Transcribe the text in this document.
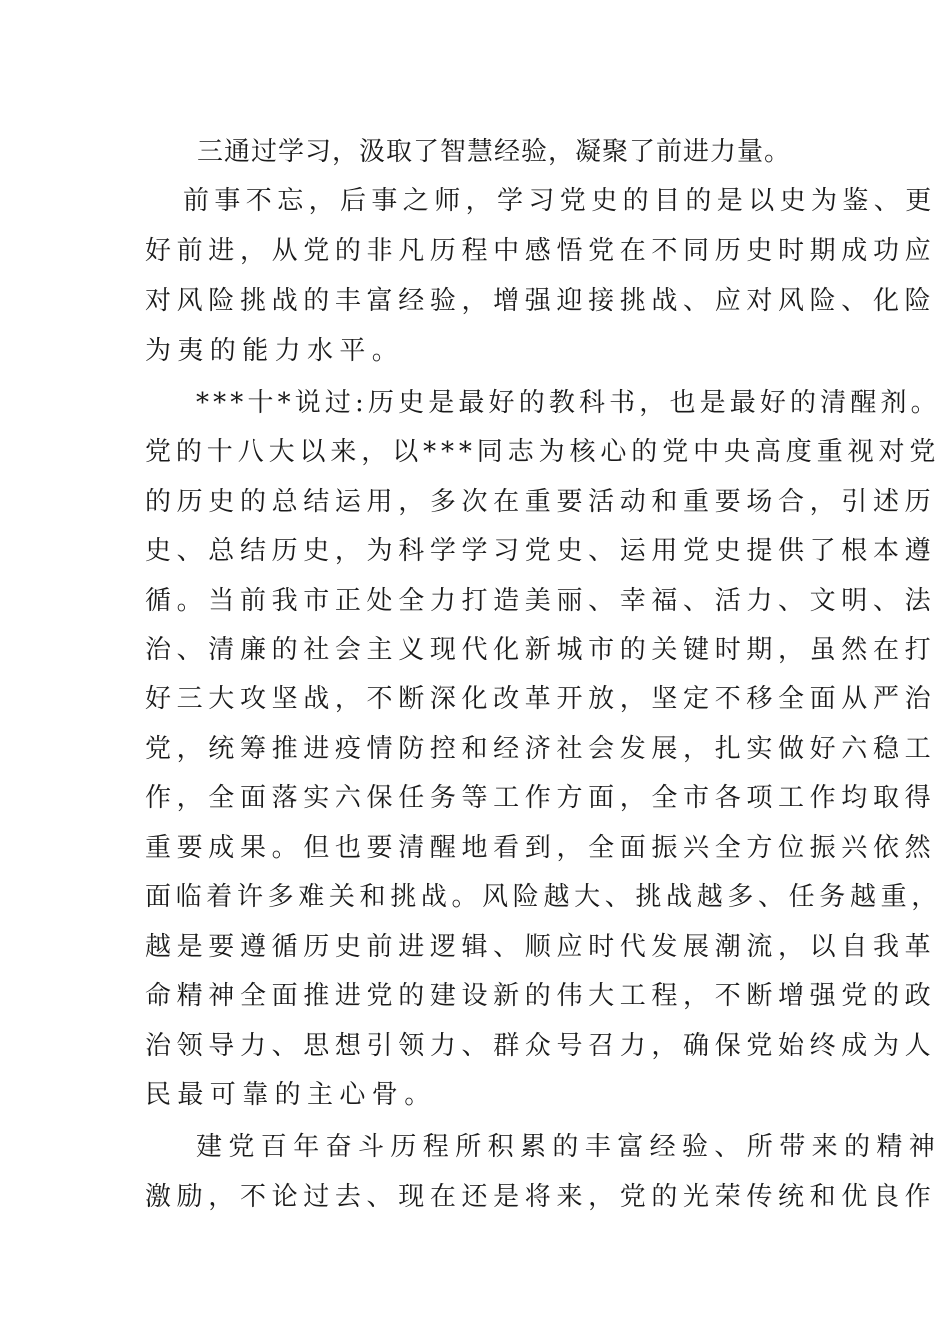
三通过学习，汲取了智慧经验，凝聚了前进力量。
前事不忘，后事之师，学习党史的目的是以史为鉴、更
好前进，从党的非凡历程中感悟党在不同历史时期成功应
对风险挑战的丰富经验，增强迎接挑战、应对风险、化险
为夷的能力水平。
***十*说过:历史是最好的教科书，也是最好的清醒剂。
党的十八大以来，以***同志为核心的党中央高度重视对党
的历史的总结运用，多次在重要活动和重要场合，引述历
史、总结历史，为科学学习党史、运用党史提供了根本遵
循。当前我市正处全力打造美丽、幸福、活力、文明、法
治、清廉的社会主义现代化新城市的关键时期，虽然在打
好三大攻坚战，不断深化改革开放，坚定不移全面从严治
党，统筹推进疫情防控和经济社会发展，扎实做好六稳工
作，全面落实六保任务等工作方面，全市各项工作均取得
重要成果。但也要清醒地看到，全面振兴全方位振兴依然
面临着许多难关和挑战。风险越大、挑战越多、任务越重，
越是要遵循历史前进逻辑、顺应时代发展潮流，以自我革
命精神全面推进党的建设新的伟大工程，不断增强党的政
治领导力、思想引领力、群众号召力，确保党始终成为人
民最可靠的主心骨。
建党百年奋斗历程所积累的丰富经验、所带来的精神
激励，不论过去、现在还是将来，党的光荣传统和优良作
